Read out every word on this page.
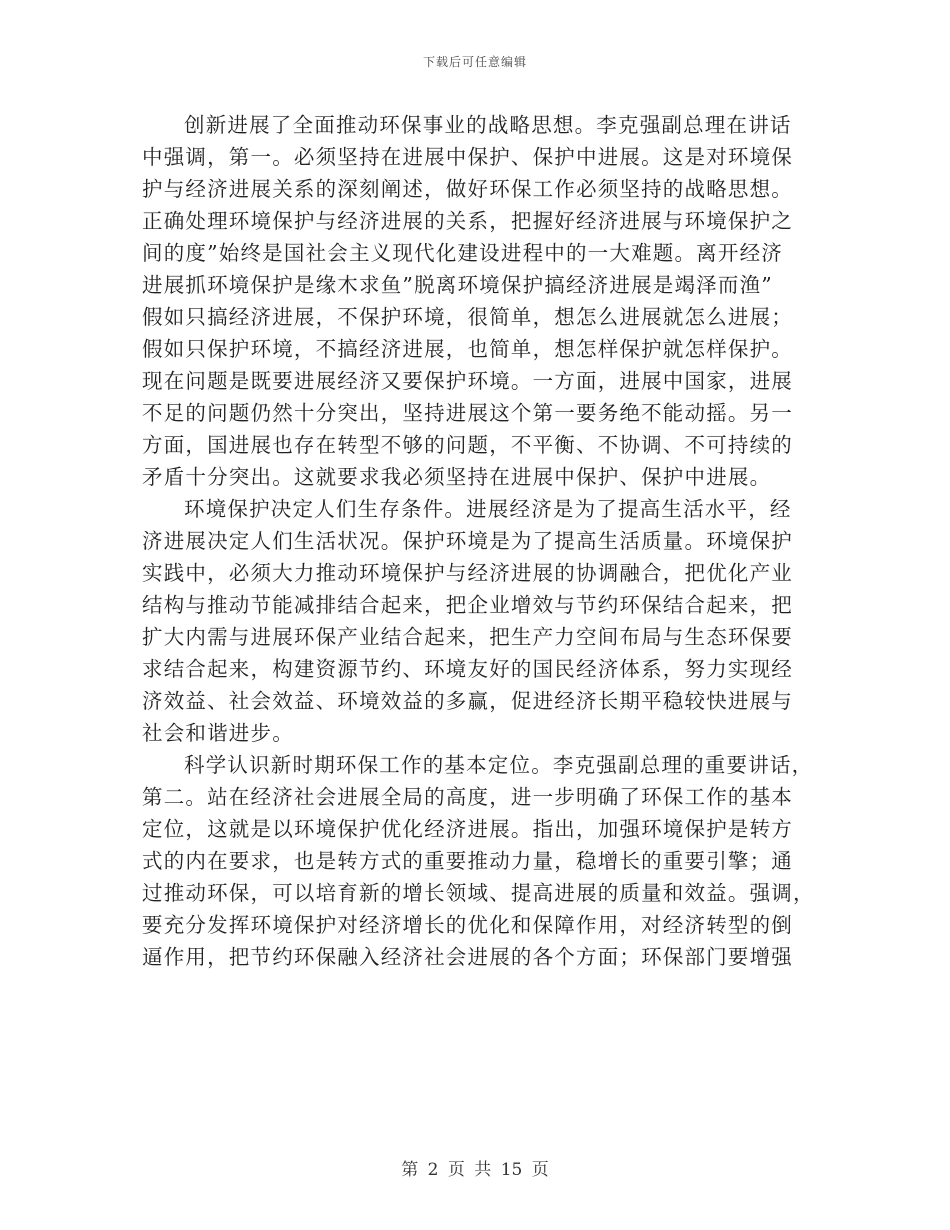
下载后可任意编辑
创新进展了全面推动环保事业的战略思想。李克强副总理在讲话
中强调，第一。必须坚持在进展中保护、保护中进展。这是对环境保
护与经济进展关系的深刻阐述，做好环保工作必须坚持的战略思想。
正确处理环境保护与经济进展的关系，把握好经济进展与环境保护之
间的度”始终是国社会主义现代化建设进程中的一大难题。离开经济
进展抓环境保护是缘木求鱼”脱离环境保护搞经济进展是竭泽而渔”
假如只搞经济进展，不保护环境，很简单，想怎么进展就怎么进展；
假如只保护环境，不搞经济进展，也简单，想怎样保护就怎样保护。
现在问题是既要进展经济又要保护环境。一方面，进展中国家，进展
不足的问题仍然十分突出，坚持进展这个第一要务绝不能动摇。另一
方面，国进展也存在转型不够的问题，不平衡、不协调、不可持续的
矛盾十分突出。这就要求我必须坚持在进展中保护、保护中进展。
环境保护决定人们生存条件。进展经济是为了提高生活水平，经
济进展决定人们生活状况。保护环境是为了提高生活质量。环境保护
实践中，必须大力推动环境保护与经济进展的协调融合，把优化产业
结构与推动节能减排结合起来，把企业增效与节约环保结合起来，把
扩大内需与进展环保产业结合起来，把生产力空间布局与生态环保要
求结合起来，构建资源节约、环境友好的国民经济体系，努力实现经
济效益、社会效益、环境效益的多赢，促进经济长期平稳较快进展与
社会和谐进步。
科学认识新时期环保工作的基本定位。李克强副总理的重要讲话，
第二。站在经济社会进展全局的高度，进一步明确了环保工作的基本
定位，这就是以环境保护优化经济进展。指出，加强环境保护是转方
式的内在要求，也是转方式的重要推动力量，稳增长的重要引擎；通
过推动环保，可以培育新的增长领域、提高进展的质量和效益。强调，
要充分发挥环境保护对经济增长的优化和保障作用，对经济转型的倒
逼作用，把节约环保融入经济社会进展的各个方面；环保部门要增强
第 2 页 共 15 页
